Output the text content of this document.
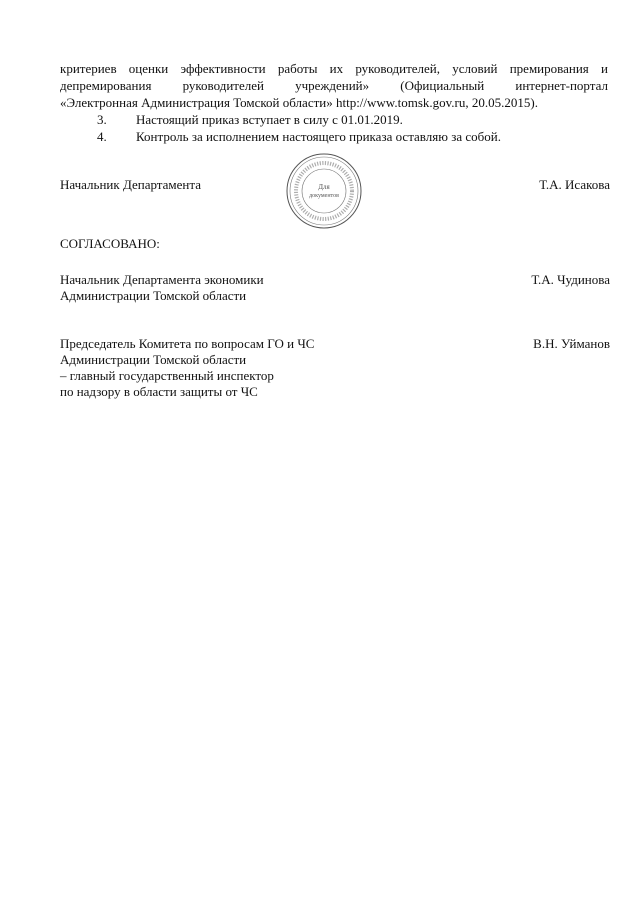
критериев оценки эффективности работы их руководителей, условий премирования и
депремирования руководителей учреждений» (Официальный интернет-портал
«Электронная Администрация Томской области» http://www.tomsk.gov.ru, 20.05.2015).
3. Настоящий приказ вступает в силу с 01.01.2019.
4. Контроль за исполнением настоящего приказа оставляю за собой.
Начальник Департамента	Т.А. Исакова
Для
документов
СОГЛАСОВАНО:
Начальник Департамента экономики
Администрации Томской области
Т.А. Чудинова
Председатель Комитета по вопросам ГО и ЧС
Администрации Томской области
– главный государственный инспектор
по надзору в области защиты от ЧС
В.Н. Уйманов
